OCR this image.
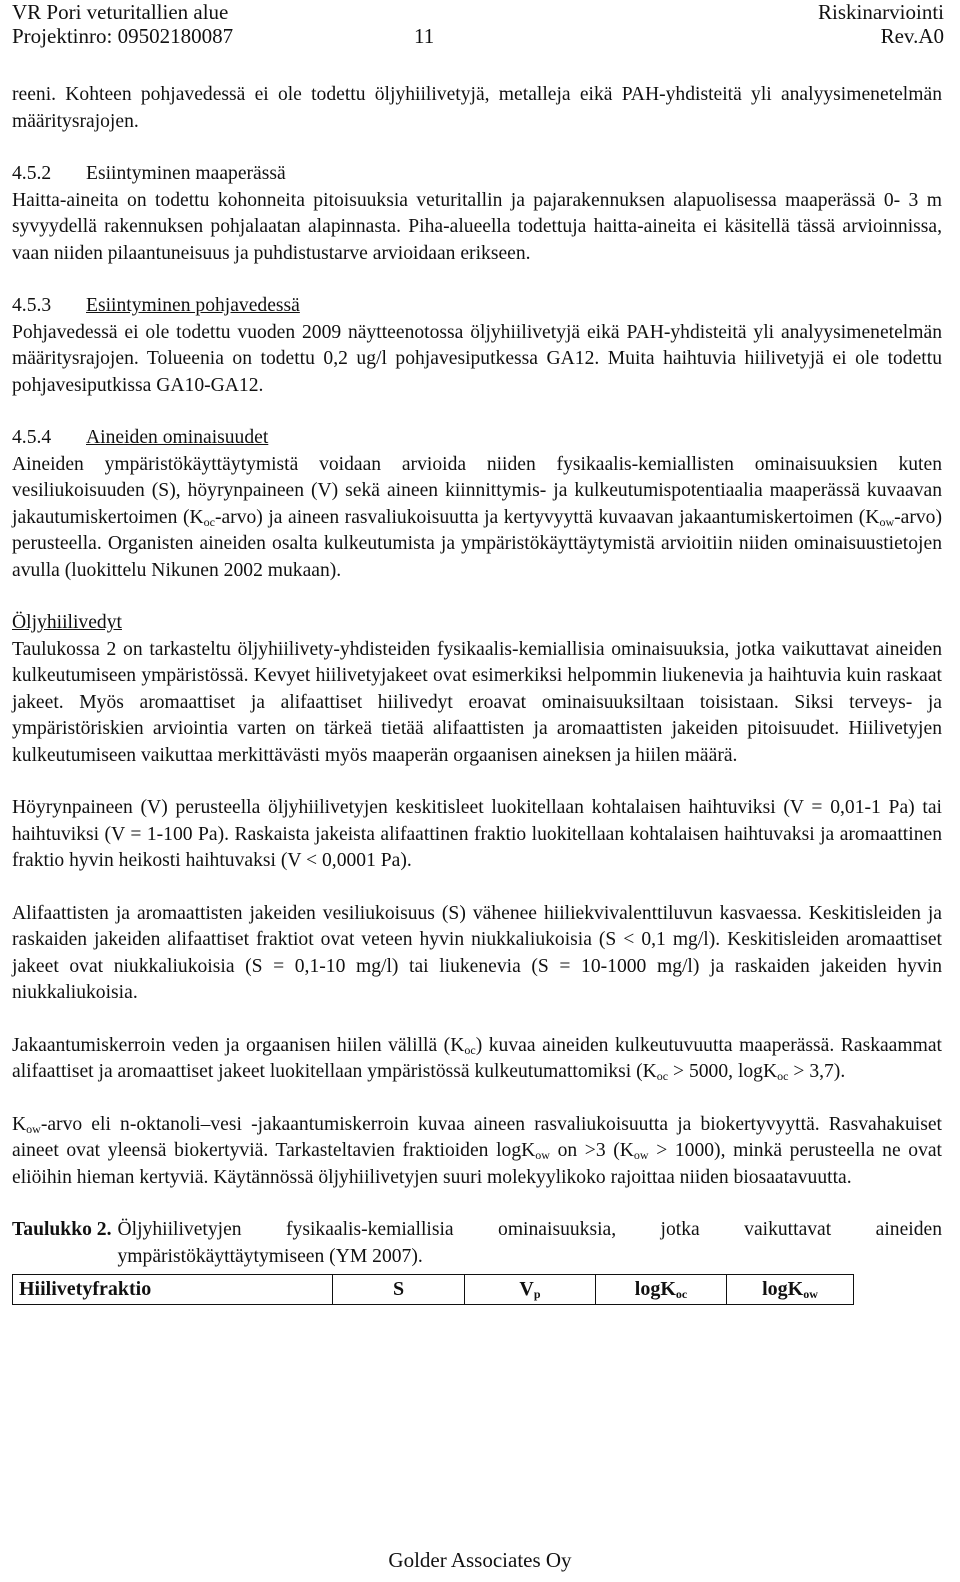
VR Pori veturitallien alue
Projektinro: 09502180087	11
Riskinarviointi
Rev.A0

reeni. Kohteen pohjavedessä ei ole todettu öljyhiilivetyjä, metalleja eikä PAH-yhdisteitä yli analyysimenetelmän määritysrajojen.

4.5.2 Esiintyminen maaperässä

Haitta-aineita on todettu kohonneita pitoisuuksia veturitallin ja pajarakennuksen alapuolisessa maaperässä 0- 3 m syvyydellä rakennuksen pohjalaatan alapinnasta. Piha-alueella todettuja haitta-aineita ei käsitellä tässä arvioinnissa, vaan niiden pilaantuneisuus ja puhdistustarve arvioidaan erikseen.

4.5.3 Esiintyminen pohjavedessä

Pohjavedessä ei ole todettu vuoden 2009 näytteenotossa öljyhiilivetyjä eikä PAH-yhdisteitä yli analyysimenetelmän määritysrajojen. Tolueenia on todettu 0,2 ug/l pohjavesiputkessa GA12. Muita haihtuvia hiilivetyjä ei ole todettu pohjavesiputkissa GA10-GA12.

4.5.4 Aineiden ominaisuudet

Aineiden ympäristökäyttäytymistä voidaan arvioida niiden fysikaalis-kemiallisten ominaisuuksien kuten vesiliukoisuuden (S), höyrynpaineen (V) sekä aineen kiinnittymis- ja kulkeutumispotentiaalia maaperässä kuvaavan jakautumiskertoimen $(K_{oc}-arvo)$ ja aineen rasvaliukoisuutta ja kertyvyyttä kuvaavan jakaantumiskertoimen $(K_{ow}-arvo)$ perusteella. Organisten aineiden osalta kulkeutumista ja ympäristökäyttäytymistä arvioitiin niiden ominaisuustietojen avulla (luokittelu Nikunen 2002 mukaan).

Öljyhiilivedyt

Taulukossa 2 on tarkasteltu öljyhiilivety-yhdisteiden fysikaalis-kemiallisia ominaisuuksia, jotka vaikuttavat aineiden kulkeutumiseen ympäristössä. Kevyet hiilivetyjakeet ovat esimerkiksi helpommin liukenevia ja haihtuvia kuin raskaat jakeet. Myös aromaattiset ja alifaattiset hiilivedyt eroavat ominaisuuksiltaan toisistaan. Siksi terveys- ja ympäristöriskien arviointia varten on tärkeä tietää alifaattisten ja aromaattisten jakeiden pitoisuudet. Hiilivetyjen kulkeutumiseen vaikuttaa merkittävästi myös maaperän orgaanisen aineksen ja hiilen määrä.

Höyrynpaineen (V) perusteella öljyhiilivetyjen keskitisleet luokitellaan kohtalaisen haihtuviksi (V = 0,01-1 Pa) tai haihtuviksi (V = 1-100 Pa). Raskaista jakeista alifaattinen fraktio luokitellaan kohtalaisen haihtuvaksi ja aromaattinen fraktio hyvin heikosti haihtuvaksi (V < 0,0001 Pa).

Alifaattisten ja aromaattisten jakeiden vesiliukoisuus (S) vähenee hiiliekvivalenttiluvun kasvaessa. Keskitisleiden ja raskaiden jakeiden alifaattiset fraktiot ovat veteen hyvin niukkaliukoisia (S < 0,1 mg/l). Keskitisleiden aromaattiset jakeet ovat niukkaliukoisia (S = 0,1-10 mg/l) tai liukenevia (S = 10-1000 mg/l) ja raskaiden jakeiden hyvin niukkaliukoisia.

Jakaantumiskerroin veden ja orgaanisen hiilen välillä $(K_{oc})$ kuvaa aineiden kulkeutuvuutta maaperässä. Raskaammat alifaattiset ja aromaattiset jakeet luokitellaan ympäristössä kulkeutumattomiksi ($K_{oc} > 5000$, logK$_{oc}$ > 3,7).

$K_{ow}$-arvo eli n-oktanoli–vesi -jakaantumiskerroin kuvaa aineen rasvaliukoisuutta ja biokertyvyyttä. Rasvahakuiset aineet ovat yleensä biokertyviä. Tarkasteltavien fraktioiden logK$_{ow}$ on >3 $(K_{ow} > 1000)$, minkä perusteella ne ovat eliöihin hieman kertyviä. Käytännössä öljyhiilivetyjen suuri molekyylikoko rajoittaa niiden biosaatavuutta.

Taulukko 2. Öljyhiilivetyjen fysikaalis-kemiallisia ominaisuuksia, jotka vaikuttavat aineiden ympäristökäyttäytymiseen (YM 2007).
Hiilivetyfraktio	S	$V_p$	logK$_{oc}$	logK$_{ow}$
Golder Associates Oy
